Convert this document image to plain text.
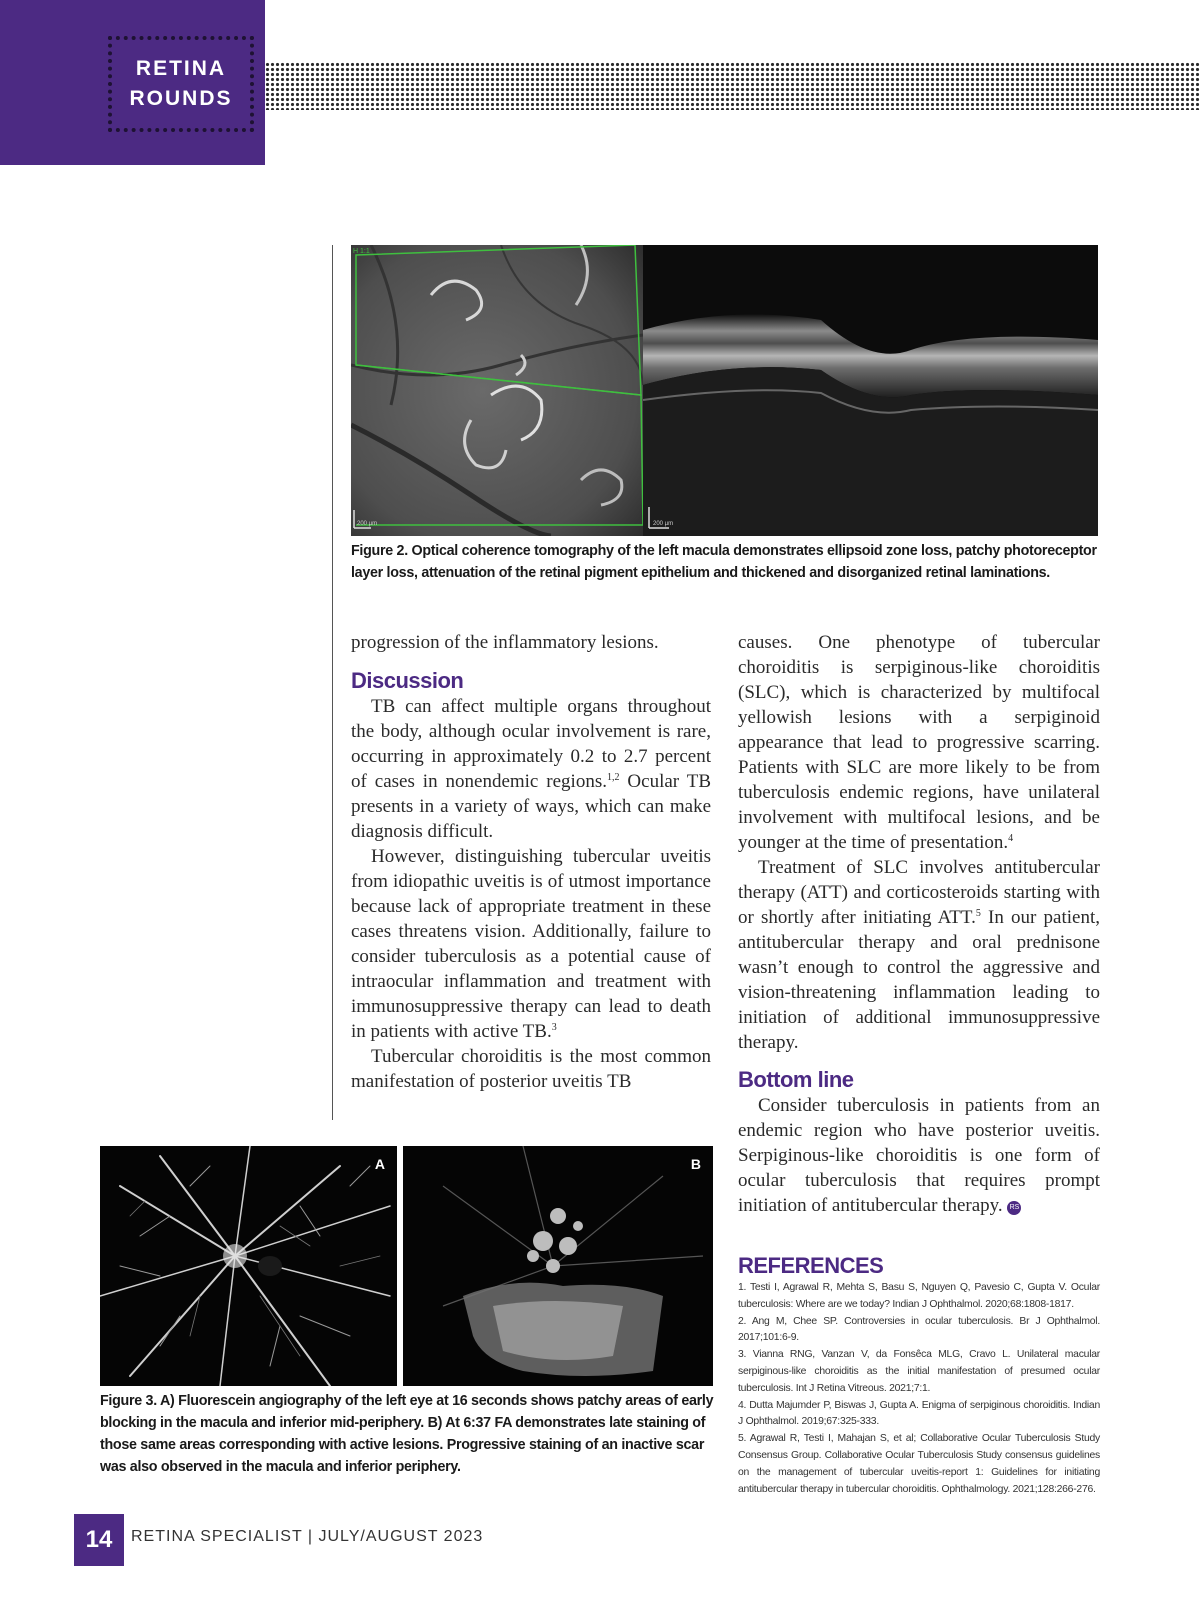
RETINA
ROUNDS
200 µm
H 1:1
200 µm
Figure 2. Optical coherence tomography of the left macula demonstrates ellipsoid zone loss, patchy photoreceptor layer loss, attenuation of the retinal pigment epithelium and thickened and disorganized retinal laminations.

progression of the inflammatory lesions.

Discussion

TB can affect multiple organs throughout the body, although ocular involvement is rare, occurring in approximately 0.2 to 2.7 percent of cases in nonendemic regions.$^{1,2}$ Ocular TB presents in a variety of ways, which can make diagnosis difficult.

However, distinguishing tubercular uveitis from idiopathic uveitis is of utmost importance because lack of appropriate treatment in these cases threatens vision. Additionally, failure to consider tuberculosis as a potential cause of intraocular inflammation and treatment with immunosuppressive therapy can lead to death in patients with active TB.$^3$

Tubercular choroiditis is the most common manifestation of posterior uveitis TB

causes. One phenotype of tubercular choroiditis is serpiginous-like choroiditis (SLC), which is characterized by multifocal yellowish lesions with a serpiginoid appearance that lead to progressive scarring. Patients with SLC are more likely to be from tuberculosis endemic regions, have unilateral involvement with multifocal lesions, and be younger at the time of presentation.$^4$

Treatment of SLC involves antitubercular therapy (ATT) and corticosteroids starting with or shortly after initiating ATT.$^5$ In our patient, antitubercular therapy and oral prednisone wasn’t enough to control the aggressive and vision-threatening inflammation leading to initiation of additional immunosuppressive therapy.

Bottom line

Consider tuberculosis in patients from an endemic region who have posterior uveitis. Serpiginous-like choroiditis is one form of ocular tuberculosis that requires prompt initiation of antitubercular therapy. RS

REFERENCES
1. Testi I, Agrawal R, Mehta S, Basu S, Nguyen Q, Pavesio C, Gupta V. Ocular tuberculosis: Where are we today? Indian J Ophthalmol. 2020;68:1808-1817.
2. Ang M, Chee SP. Controversies in ocular tuberculosis. Br J Ophthalmol. 2017;101:6-9.
3. Vianna RNG, Vanzan V, da Fonsêca MLG, Cravo L. Unilateral macular serpiginous-like choroiditis as the initial manifestation of presumed ocular tuberculosis. Int J Retina Vitreous. 2021;7:1.
4. Dutta Majumder P, Biswas J, Gupta A. Enigma of serpiginous choroiditis. Indian J Ophthalmol. 2019;67:325-333.
5. Agrawal R, Testi I, Mahajan S, et al; Collaborative Ocular Tuberculosis Study Consensus Group. Collaborative Ocular Tuberculosis Study consensus guidelines on the management of tubercular uveitis-report 1: Guidelines for initiating antitubercular therapy in tubercular choroiditis. Ophthalmology. 2021;128:266-276.
A	B
Figure 3. A) Fluorescein angiography of the left eye at 16 seconds shows patchy areas of early blocking in the macula and inferior mid-periphery. B) At 6:37 FA demonstrates late staining of those same areas corresponding with active lesions. Progressive staining of an inactive scar was also observed in the macula and inferior periphery.
14	RETINA SPECIALIST | JULY/AUGUST 2023
